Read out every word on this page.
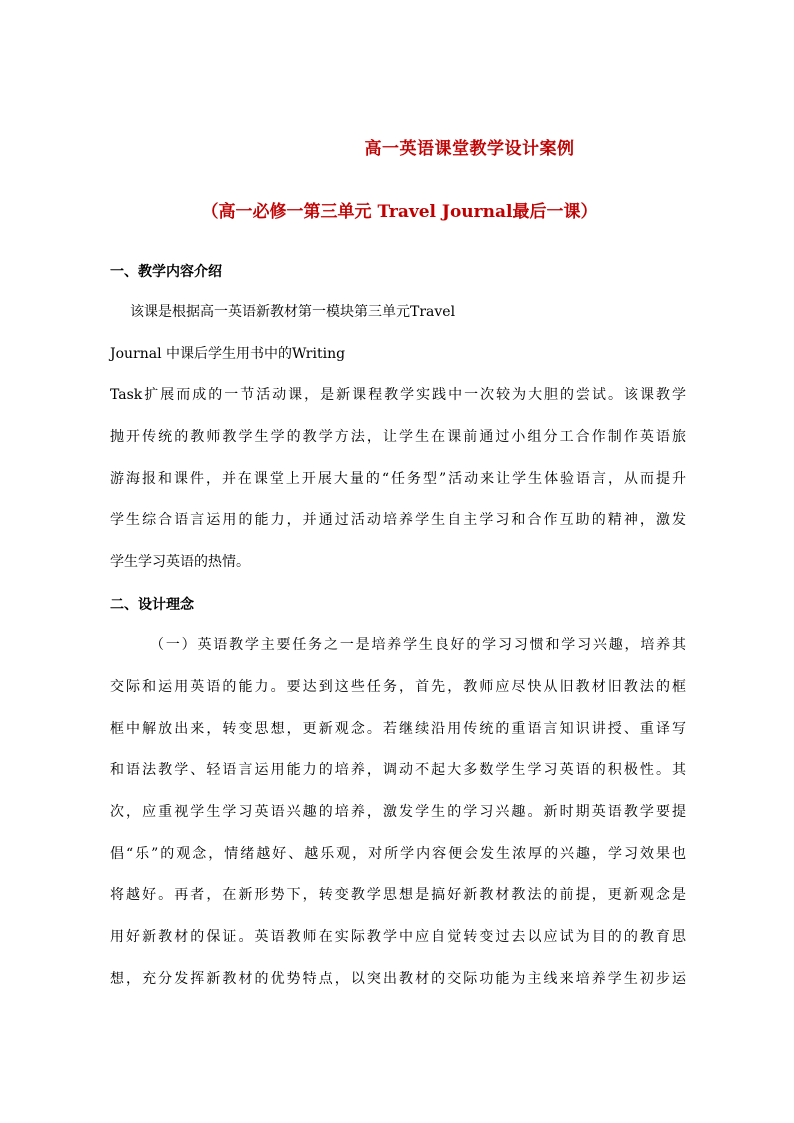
高一英语课堂教学设计案例
（高一必修一第三单元 Travel Journal最后一课）
一、教学内容介绍
该课是根据高一英语新教材第一模块第三单元Travel
Journal 中课后学生用书中的Writing
Task扩展而成的一节活动课，是新课程教学实践中一次较为大胆的尝试。该课教学
抛开传统的教师教学生学的教学方法，让学生在课前通过小组分工合作制作英语旅
游海报和课件，并在课堂上开展大量的“任务型”活动来让学生体验语言，从而提升
学生综合语言运用的能力，并通过活动培养学生自主学习和合作互助的精神，激发
学生学习英语的热情。
二、设计理念
（一）英语教学主要任务之一是培养学生良好的学习习惯和学习兴趣，培养其
交际和运用英语的能力。要达到这些任务，首先，教师应尽快从旧教材旧教法的框
框中解放出来，转变思想，更新观念。若继续沿用传统的重语言知识讲授、重译写
和语法教学、轻语言运用能力的培养，调动不起大多数学生学习英语的积极性。其
次，应重视学生学习英语兴趣的培养，激发学生的学习兴趣。新时期英语教学要提
倡“乐”的观念，情绪越好、越乐观，对所学内容便会发生浓厚的兴趣，学习效果也
将越好。再者，在新形势下，转变教学思想是搞好新教材教法的前提，更新观念是
用好新教材的保证。英语教师在实际教学中应自觉转变过去以应试为目的的教育思
想，充分发挥新教材的优势特点，以突出教材的交际功能为主线来培养学生初步运
